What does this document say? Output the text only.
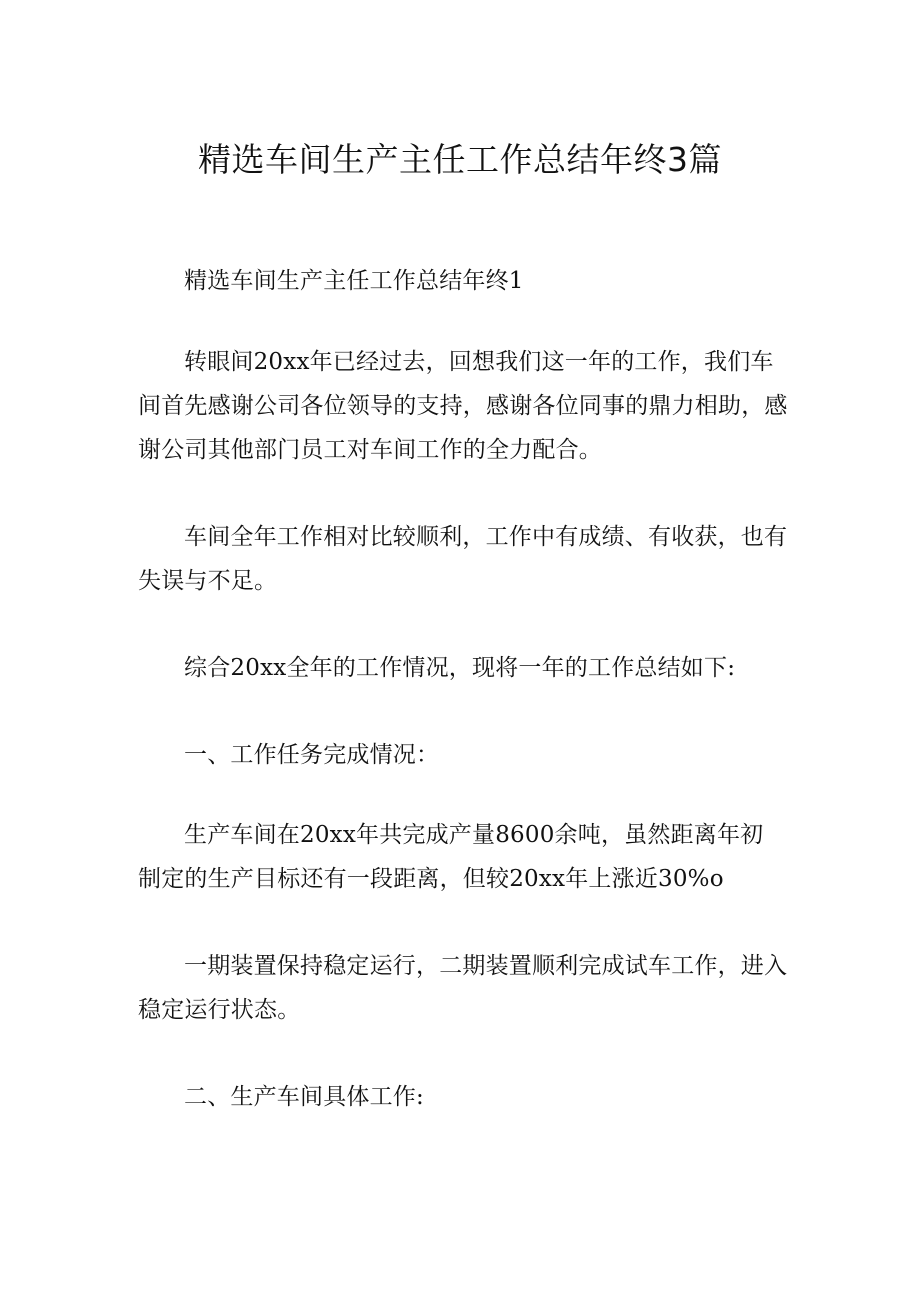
精选车间生产主任工作总结年终3篇

精选车间生产主任工作总结年终1

转眼间20xx年已经过去，回想我们这一年的工作，我们车
间首先感谢公司各位领导的支持，感谢各位同事的鼎力相助，感
谢公司其他部门员工对车间工作的全力配合。

车间全年工作相对比较顺利，工作中有成绩、有收获，也有
失误与不足。

综合20xx全年的工作情况，现将一年的工作总结如下:

一、工作任务完成情况：

生产车间在20xx年共完成产量8600余吨，虽然距离年初
制定的生产目标还有一段距离，但较20xx年上涨近30%o

一期装置保持稳定运行，二期装置顺利完成试车工作，进入
稳定运行状态。

二、生产车间具体工作:
